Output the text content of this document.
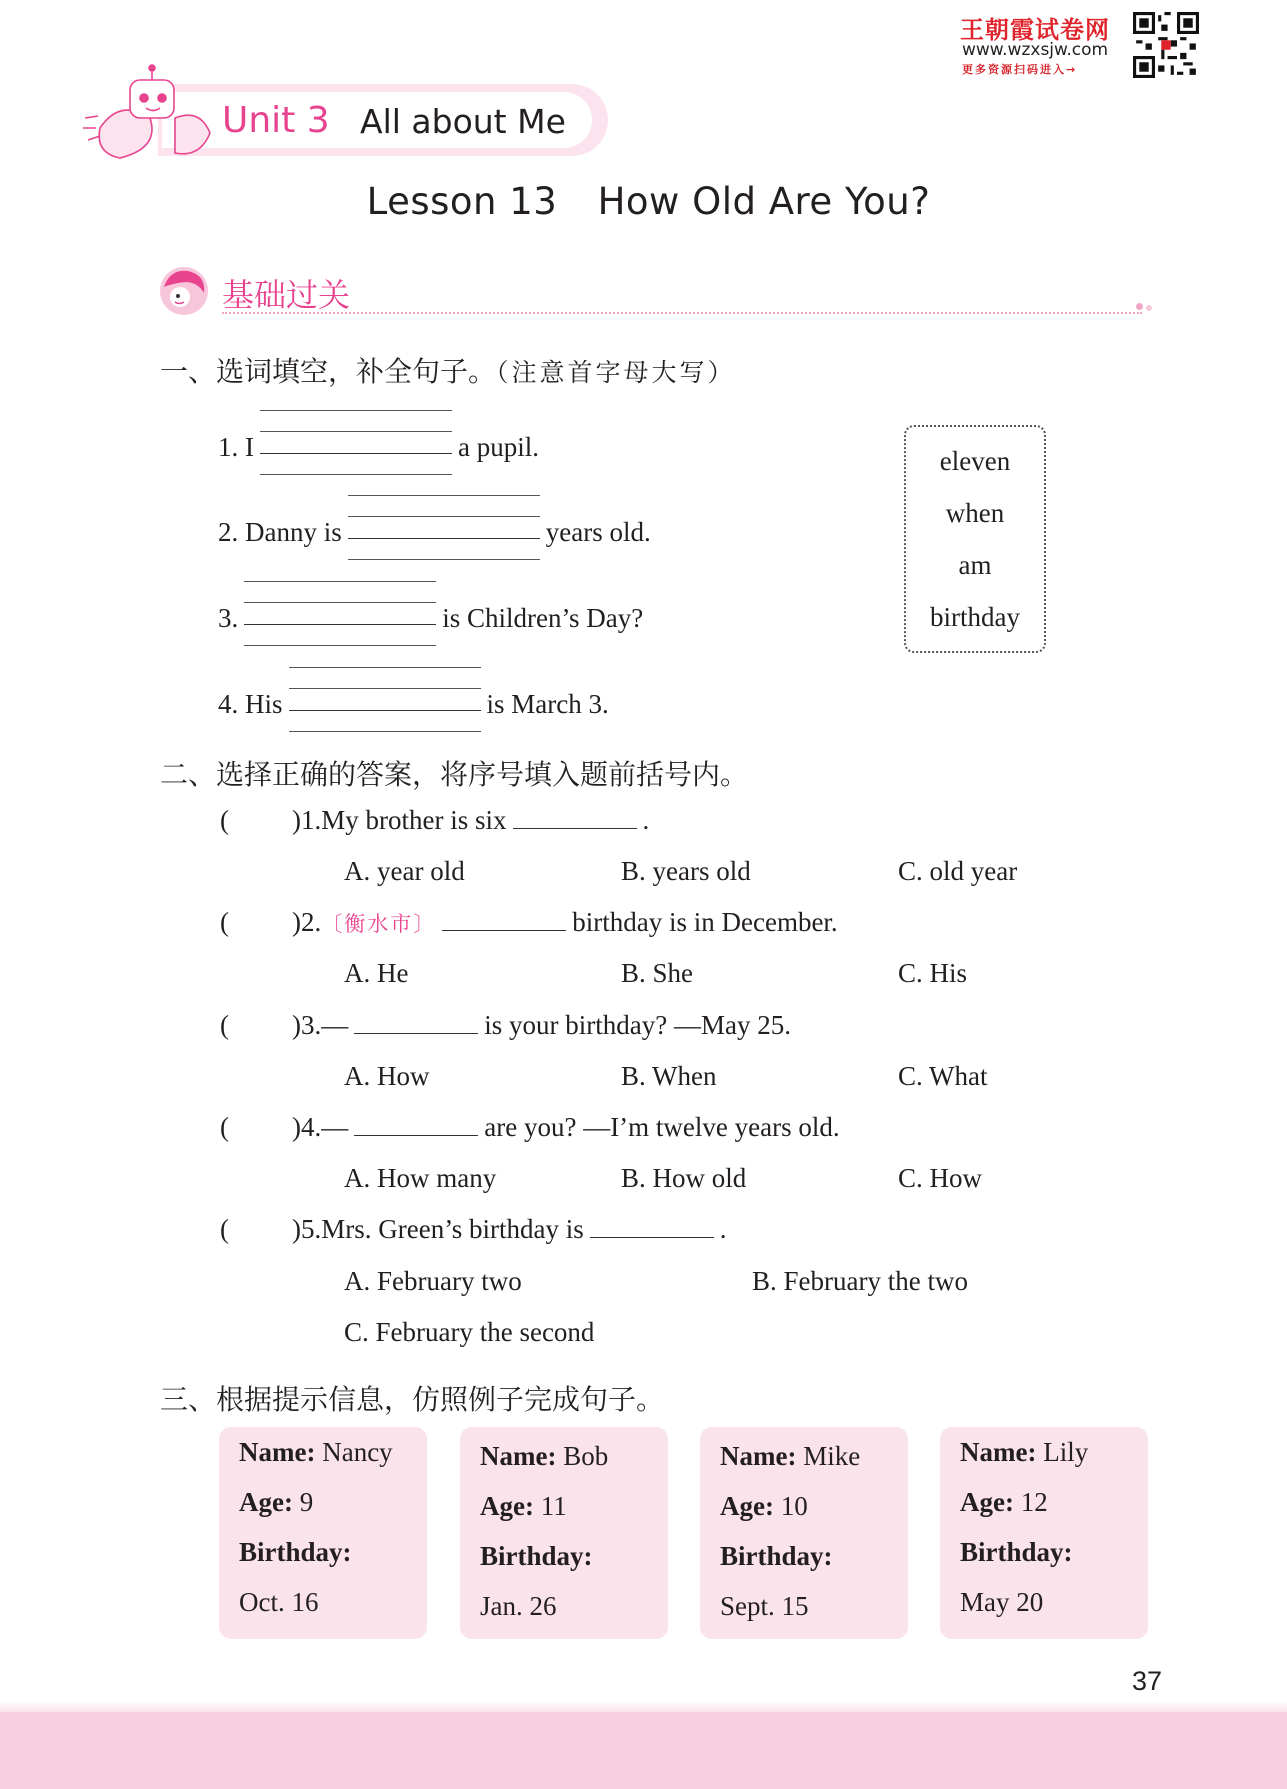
王朝霞试卷网
www.wzxsjw.com
更多资源扫码进入→
Unit 3 All about Me
Lesson 13 How Old Are You?
基础过关
一、选词填空，补全句子。（注意首字母大写）
1. I	a pupil.
2. Danny is	years old.
3.	is Children’s Day?
4. His	is March 3.
eleven
when
am
birthday
二、选择正确的答案，将序号填入题前括号内。
( )1.My brother is six	.
A. year old	B. years old	C. old year
( )2.〔衡水市〕	birthday is in December.
A. He	B. She	C. His
( )3.—	is your birthday? —May 25.
A. How	B. When	C. What
( )4.—	are you? —I’m twelve years old.
A. How many	B. How old	C. How
( )5.Mrs. Green’s birthday is	.
A. February two	B. February the two
C. February the second
三、根据提示信息，仿照例子完成句子。
Name: Nancy
Age: 9
Birthday:
Oct. 16
Name: Bob
Age: 11
Birthday:
Jan. 26
Name: Mike
Age: 10
Birthday:
Sept. 15
Name: Lily
Age: 12
Birthday:
May 20
37
